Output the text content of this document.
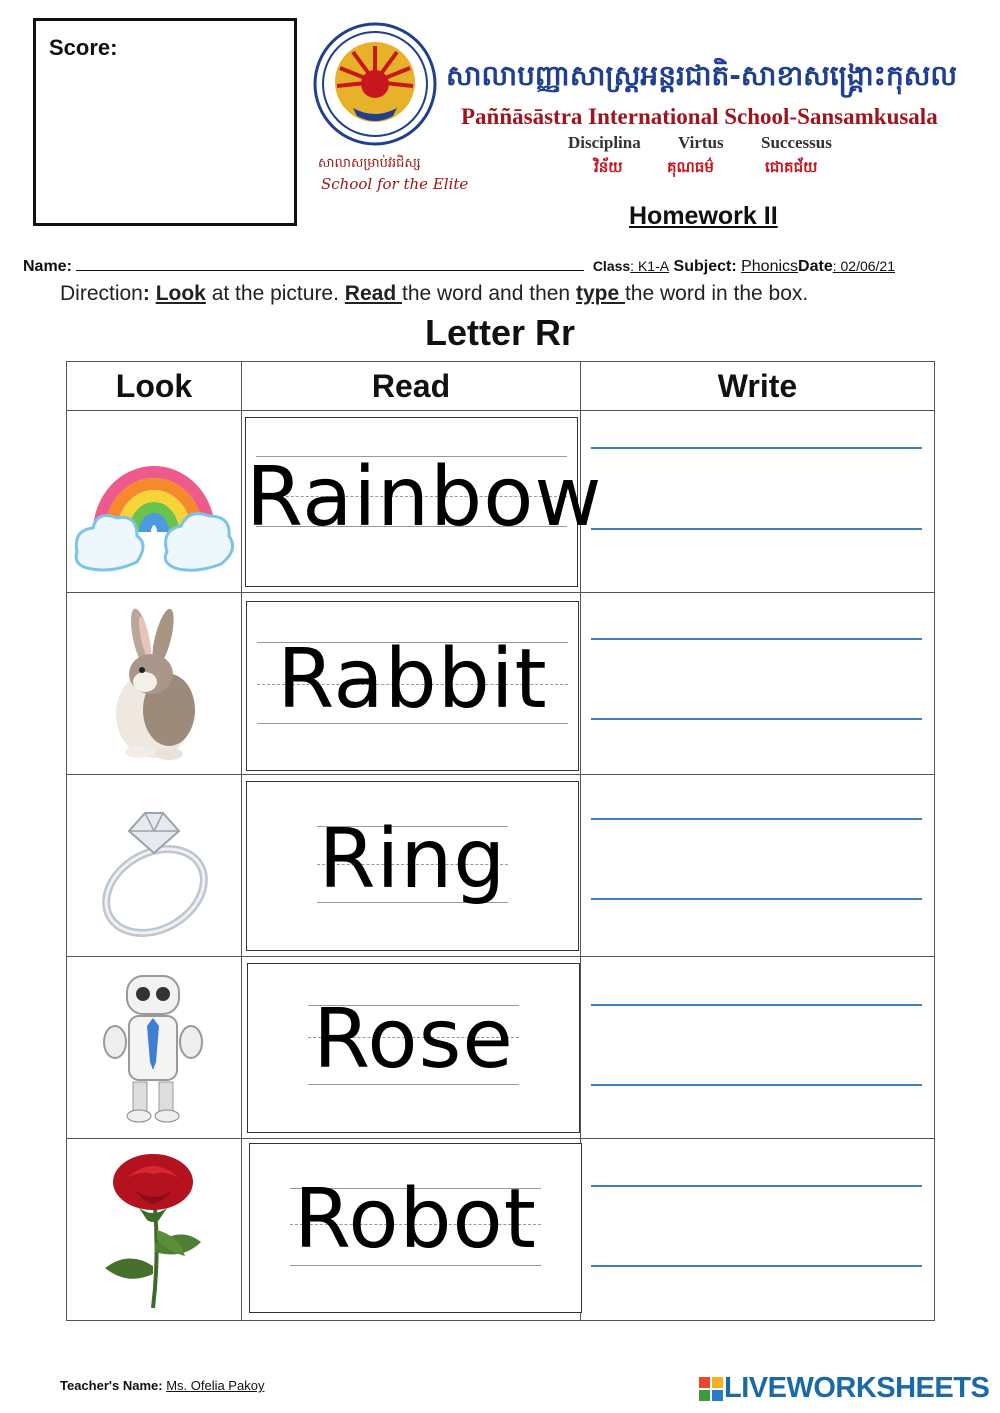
Score:
សាលាសម្រាប់វរជិស្ស
School for the Elite
សាលាបញ្ញាសាស្ត្រអន្តរជាតិ-សាខាសង្គ្រោះកុសល
Paññāsāstra International School-Sansamkusala
Disciplina Virtus Successus
វិន័យ	គុណធម៌	ជោគជ័យ
Homework II
Name:	Class: K1-A Subject: PhonicsDate: 02/06/21
Direction: Look at the picture. Read the word and then type the word in the box.
Letter Rr
Look	Read	Write

Rainbow	

Rabbit	

Ring	

Rose	

Robot	

Teacher's Name: Ms. Ofelia Pakoy	LIVEWORKSHEETS
